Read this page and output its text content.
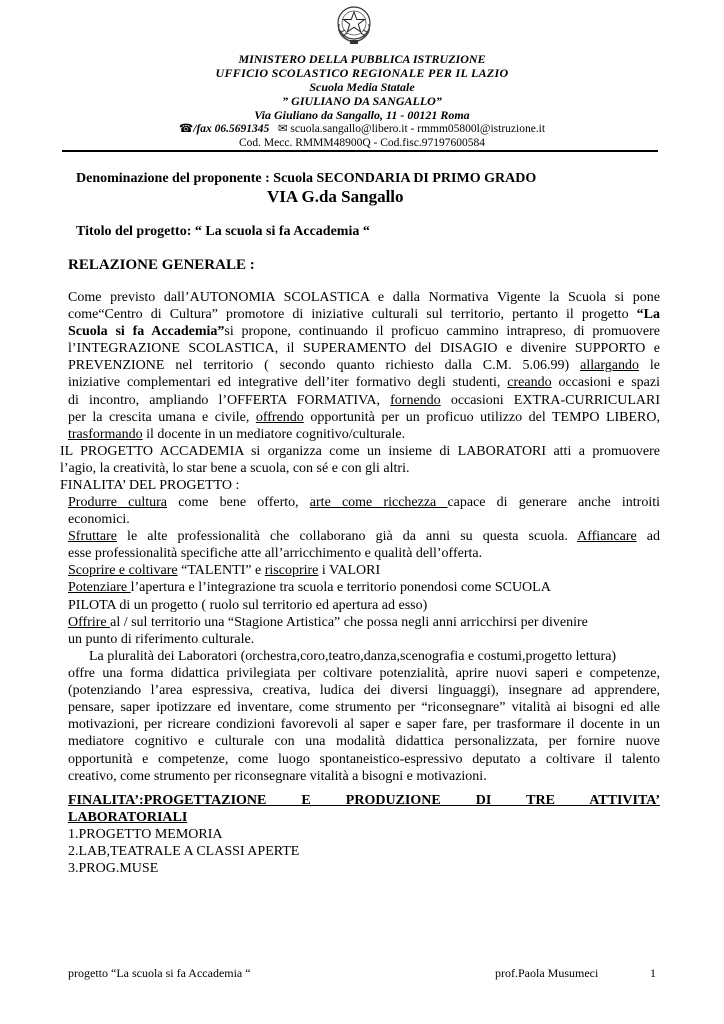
MINISTERO DELLA PUBBLICA ISTRUZIONE
UFFICIO SCOLASTICO REGIONALE PER IL LAZIO
Scuola Media Statale
” GIULIANO DA SANGALLO”
Via Giuliano da Sangallo, 11 - 00121 Roma
☎/fax 06.5691345 ✉ scuola.sangallo@libero.it - rmmm05800l@istruzione.it
Cod. Mecc. RMMM48900Q - Cod.fisc.97197600584
Denominazione del proponente : Scuola SECONDARIA DI PRIMO GRADO
VIA G.da Sangallo
Titolo del progetto: “ La scuola si fa Accademia “
RELAZIONE GENERALE :
Come previsto dall’AUTONOMIA SCOLASTICA e dalla Normativa Vigente la Scuola si pone
come“Centro di Cultura” promotore di iniziative culturali sul territorio, pertanto il progetto “La
Scuola si fa Accademia”si propone, continuando il proficuo cammino intrapreso, di promuovere
l’INTEGRAZIONE SCOLASTICA, il SUPERAMENTO del DISAGIO e divenire SUPPORTO e
PREVENZIONE nel territorio ( secondo quanto richiesto dalla C.M. 5.06.99) allargando le
iniziative complementari ed integrative dell’iter formativo degli studenti, creando occasioni e spazi
di incontro, ampliando l’OFFERTA FORMATIVA, fornendo occasioni EXTRA-CURRICULARI
per la crescita umana e civile, offrendo opportunità per un proficuo utilizzo del TEMPO LIBERO,
trasformando il docente in un mediatore cognitivo/culturale.
IL PROGETTO ACCADEMIA si organizza come un insieme di LABORATORI atti a promuovere
l’agio, la creatività, lo star bene a scuola, con sé e con gli altri.
FINALITA’ DEL PROGETTO :
Produrre cultura come bene offerto, arte come ricchezza capace di generare anche introiti
economici.
Sfruttare le alte professionalità che collaborano già da anni su questa scuola. Affiancare ad
esse professionalità specifiche atte all’arricchimento e qualità dell’offerta.
Scoprire e coltivare “TALENTI” e riscoprire i VALORI
Potenziare l’apertura e l’integrazione tra scuola e territorio ponendosi come SCUOLA
PILOTA di un progetto ( ruolo sul territorio ed apertura ad esso)
Offrire al / sul territorio una “Stagione Artistica” che possa negli anni arricchirsi per divenire
un punto di riferimento culturale.
La pluralità dei Laboratori (orchestra,coro,teatro,danza,scenografia e costumi,progetto lettura)
offre una forma didattica privilegiata per coltivare potenzialità, aprire nuovi saperi e competenze,
(potenziando l’area espressiva, creativa, ludica dei diversi linguaggi), insegnare ad apprendere,
pensare, saper ipotizzare ed inventare, come strumento per “riconsegnare” vitalità ai bisogni ed alle
motivazioni, per ricreare condizioni favorevoli al saper e saper fare, per trasformare il docente in un
mediatore cognitivo e culturale con una modalità didattica personalizzata, per fornire nuove
opportunità e competenze, come luogo spontaneistico-espressivo deputato a coltivare il talento
creativo, come strumento per riconsegnare vitalità a bisogni e motivazioni.
FINALITA’:PROGETTAZIONE E PRODUZIONE DI TRE ATTIVITA’
LABORATORIALI
1.PROGETTO MEMORIA
2.LAB,TEATRALE A CLASSI APERTE
3.PROG.MUSE
progetto “La scuola si fa Accademia “	prof.Paola Musumeci	1
